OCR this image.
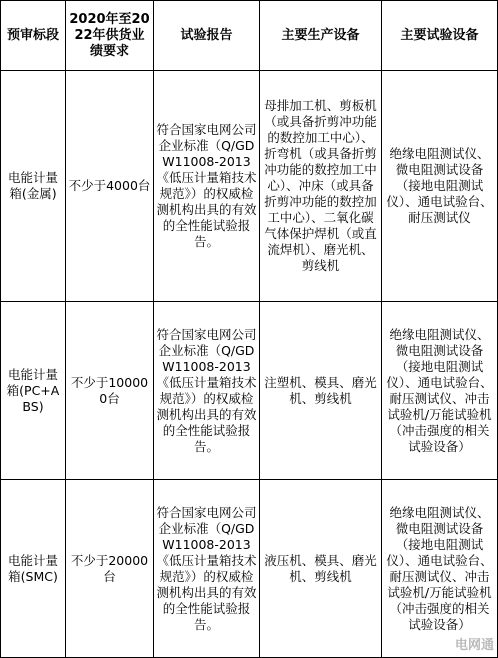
预审标段	2020年至2022年供货业绩要求	试验报告	主要生产设备	主要试验设备
电能计量箱(金属)	不少于4000台	符合国家电网公司企业标准（Q/GDW11008-2013《低压计量箱技术规范》）的权威检测机构出具的有效的全性能试验报告。	母排加工机、剪板机（或具备折剪冲功能的数控加工中心）、折弯机（或具备折剪冲功能的数控加工中心）、冲床（或具备折剪冲功能的数控加工中心）、二氧化碳气体保护焊机（或直流焊机）、磨光机、剪线机	绝缘电阻测试仪、微电阻测试设备（接地电阻测试仪）、通电试验台、耐压测试仪
电能计量箱(PC+ABS)	不少于100000台	符合国家电网公司企业标准（Q/GDW11008-2013《低压计量箱技术规范》）的权威检测机构出具的有效的全性能试验报告。	注塑机、模具、磨光机、剪线机	绝缘电阻测试仪、微电阻测试设备（接地电阻测试仪）、通电试验台、耐压测试仪、冲击试验机/万能试验机（冲击强度的相关试验设备）
电能计量箱(SMC)	不少于20000台	符合国家电网公司企业标准（Q/GDW11008-2013《低压计量箱技术规范》）的权威检测机构出具的有效的全性能试验报告。	液压机、模具、磨光机、剪线机	绝缘电阻测试仪、微电阻测试设备（接地电阻测试仪）、通电试验台、耐压测试仪、冲击试验机/万能试验机（冲击强度的相关试验设备）
电网通
